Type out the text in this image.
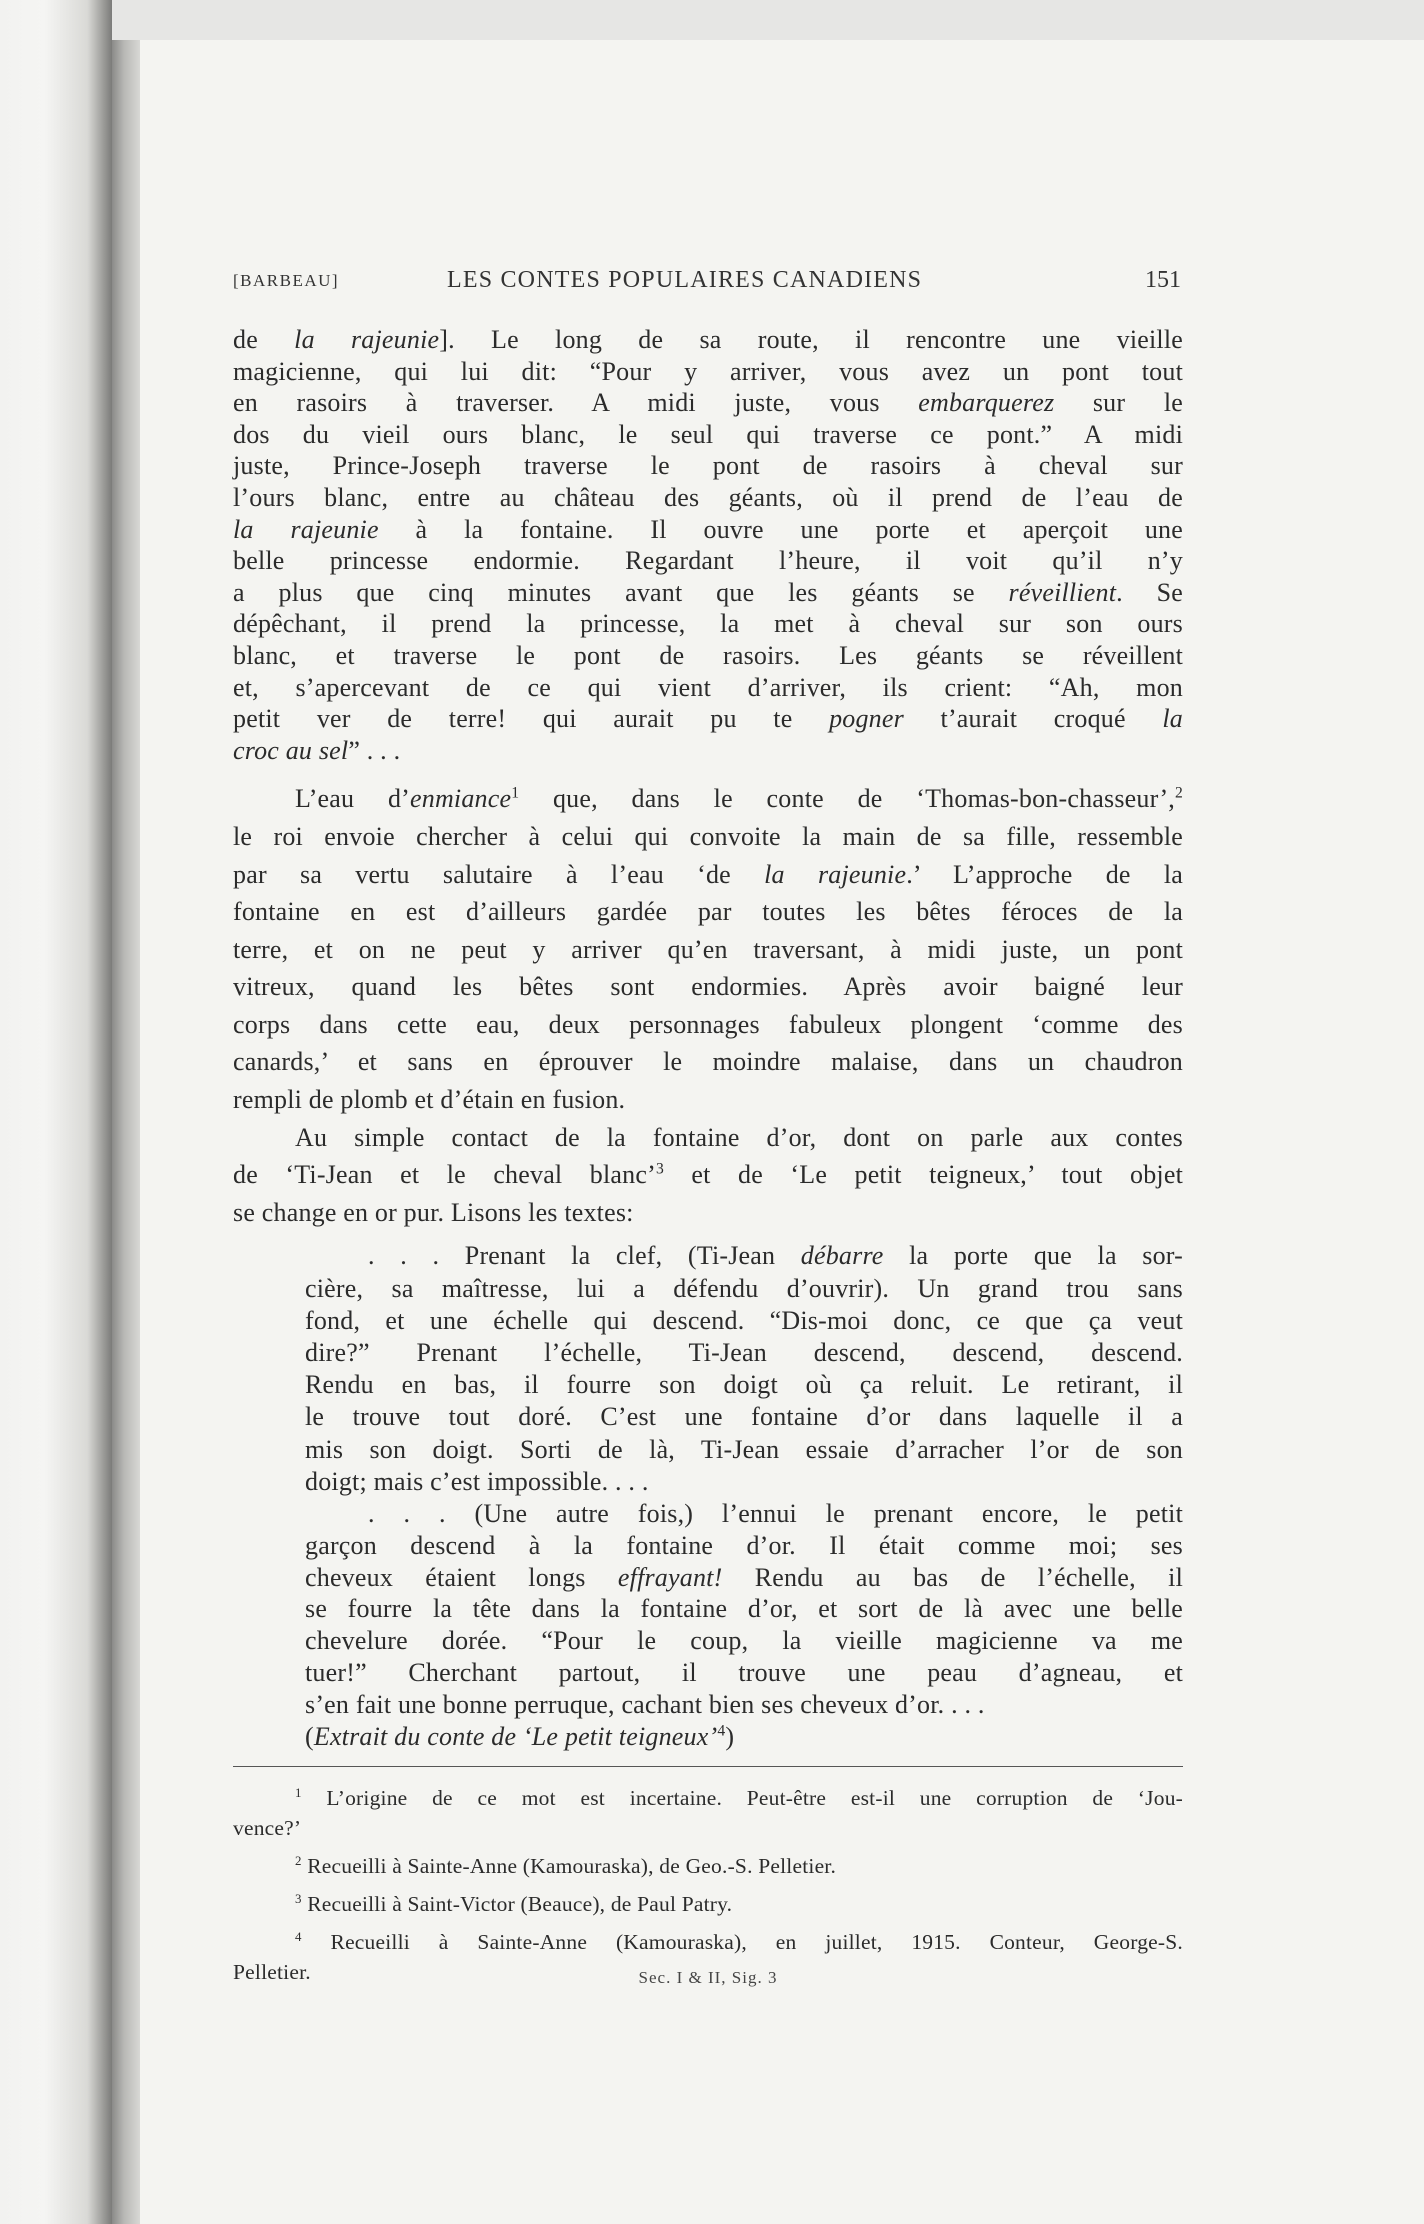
[BARBEAU]	LES CONTES POPULAIRES CANADIENS	151
de la rajeunie]. Le long de sa route, il rencontre une vieille
magicienne, qui lui dit: “Pour y arriver, vous avez un pont tout
en rasoirs à traverser. A midi juste, vous embarquerez sur le
dos du vieil ours blanc, le seul qui traverse ce pont.” A midi
juste, Prince-Joseph traverse le pont de rasoirs à cheval sur
l’ours blanc, entre au château des géants, où il prend de l’eau de
la rajeunie à la fontaine. Il ouvre une porte et aperçoit une
belle princesse endormie. Regardant l’heure, il voit qu’il n’y
a plus que cinq minutes avant que les géants se réveillient. Se
dépêchant, il prend la princesse, la met à cheval sur son ours
blanc, et traverse le pont de rasoirs. Les géants se réveillent
et, s’apercevant de ce qui vient d’arriver, ils crient: “Ah, mon
petit ver de terre! qui aurait pu te pogner t’aurait croqué la
croc au sel” . . .
L’eau d’enmiance$^1$ que, dans le conte de ‘Thomas-bon-chasseur’,$^2$
le roi envoie chercher à celui qui convoite la main de sa fille, ressemble
par sa vertu salutaire à l’eau ‘de la rajeunie.’ L’approche de la
fontaine en est d’ailleurs gardée par toutes les bêtes féroces de la
terre, et on ne peut y arriver qu’en traversant, à midi juste, un pont
vitreux, quand les bêtes sont endormies. Après avoir baigné leur
corps dans cette eau, deux personnages fabuleux plongent ‘comme des
canards,’ et sans en éprouver le moindre malaise, dans un chaudron
rempli de plomb et d’étain en fusion.
Au simple contact de la fontaine d’or, dont on parle aux contes
de ‘Ti-Jean et le cheval blanc’$^3$ et de ‘Le petit teigneux,’ tout objet
se change en or pur. Lisons les textes:
. . . Prenant la clef, (Ti-Jean débarre la porte que la sor-
cière, sa maîtresse, lui a défendu d’ouvrir). Un grand trou sans
fond, et une échelle qui descend. “Dis-moi donc, ce que ça veut
dire?” Prenant l’échelle, Ti-Jean descend, descend, descend.
Rendu en bas, il fourre son doigt où ça reluit. Le retirant, il
le trouve tout doré. C’est une fontaine d’or dans laquelle il a
mis son doigt. Sorti de là, Ti-Jean essaie d’arracher l’or de son
doigt; mais c’est impossible. . . .
. . . (Une autre fois,) l’ennui le prenant encore, le petit
garçon descend à la fontaine d’or. Il était comme moi; ses
cheveux étaient longs effrayant! Rendu au bas de l’échelle, il
se fourre la tête dans la fontaine d’or, et sort de là avec une belle
chevelure dorée. “Pour le coup, la vieille magicienne va me
tuer!” Cherchant partout, il trouve une peau d’agneau, et
s’en fait une bonne perruque, cachant bien ses cheveux d’or. . . .
(Extrait du conte de ‘Le petit teigneux’$^4$)
$^1$ L’origine de ce mot est incertaine. Peut-être est-il une corruption de ‘Jou-
vence?’
$^2$ Recueilli à Sainte-Anne (Kamouraska), de Geo.-S. Pelletier.
$^3$ Recueilli à Saint-Victor (Beauce), de Paul Patry.
$^4$ Recueilli à Sainte-Anne (Kamouraska), en juillet, 1915. Conteur, George-S.
Pelletier.	Sec. I & II, Sig. 3
